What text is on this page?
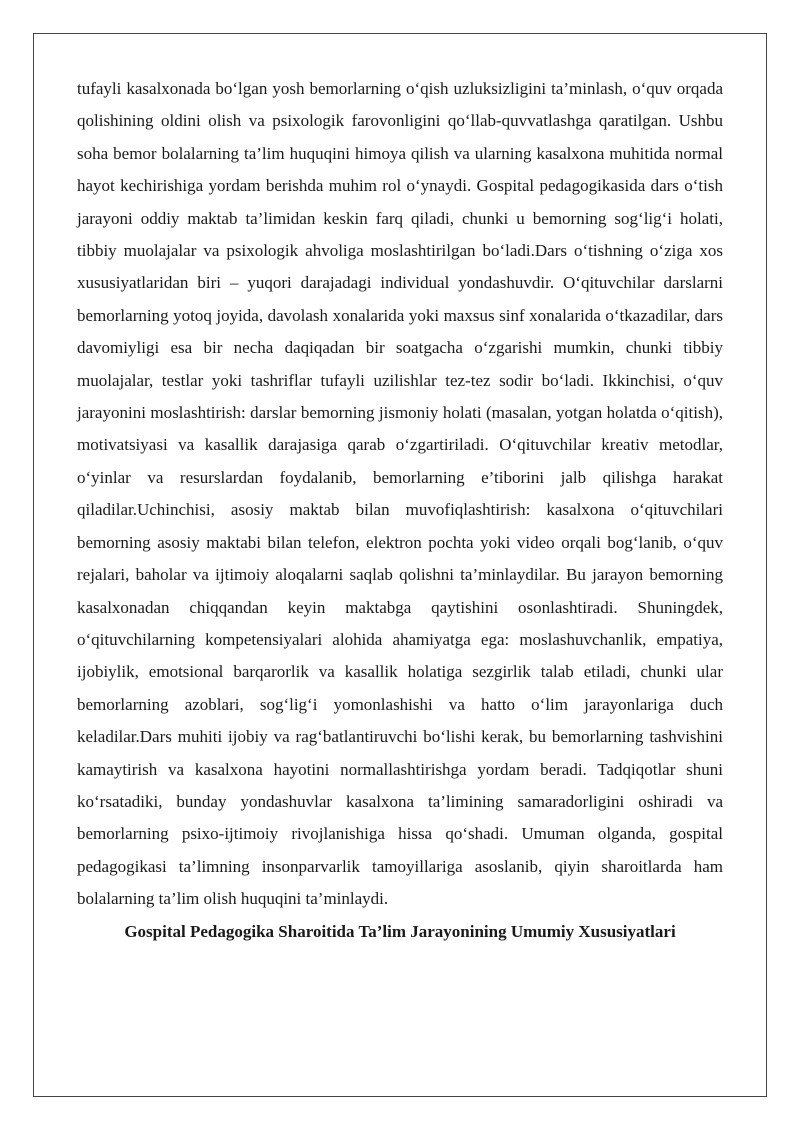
tufayli kasalxonada bo‘lgan yosh bemorlarning o‘qish uzluksizligini ta’minlash, o‘quv orqada qolishining oldini olish va psixologik farovonligini qo‘llab-quvvatlashga qaratilgan. Ushbu soha bemor bolalarning ta’lim huquqini himoya qilish va ularning kasalxona muhitida normal hayot kechirishiga yordam berishda muhim rol o‘ynaydi. Gospital pedagogikasida dars o‘tish jarayoni oddiy maktab ta’limidan keskin farq qiladi, chunki u bemorning sog‘lig‘i holati, tibbiy muolajalar va psixologik ahvoliga moslashtirilgan bo‘ladi.Dars o‘tishning o‘ziga xos xususiyatlaridan biri – yuqori darajadagi individual yondashuvdir. O‘qituvchilar darslarni bemorlarning yotoq joyida, davolash xonalarida yoki maxsus sinf xonalarida o‘tkazadilar, dars davomiyligi esa bir necha daqiqadan bir soatgacha o‘zgarishi mumkin, chunki tibbiy muolajalar, testlar yoki tashriflar tufayli uzilishlar tez-tez sodir bo‘ladi. Ikkinchisi, o‘quv jarayonini moslashtirish: darslar bemorning jismoniy holati (masalan, yotgan holatda o‘qitish), motivatsiyasi va kasallik darajasiga qarab o‘zgartiriladi. O‘qituvchilar kreativ metodlar, o‘yinlar va resurslardan foydalanib, bemorlarning e’tiborini jalb qilishga harakat qiladilar.Uchinchisi, asosiy maktab bilan muvofiqlashtirish: kasalxona o‘qituvchilari bemorning asosiy maktabi bilan telefon, elektron pochta yoki video orqali bog‘lanib, o‘quv rejalari, baholar va ijtimoiy aloqalarni saqlab qolishni ta’minlaydilar. Bu jarayon bemorning kasalxonadan chiqqandan keyin maktabga qaytishini osonlashtiradi. Shuningdek, o‘qituvchilarning kompetensiyalari alohida ahamiyatga ega: moslashuvchanlik, empatiya, ijobiylik, emotsional barqarorlik va kasallik holatiga sezgirlik talab etiladi, chunki ular bemorlarning azoblari, sog‘lig‘i yomonlashishi va hatto o‘lim jarayonlariga duch keladilar.Dars muhiti ijobiy va rag‘batlantiruvchi bo‘lishi kerak, bu bemorlarning tashvishini kamaytirish va kasalxona hayotini normallashtirishga yordam beradi. Tadqiqotlar shuni ko‘rsatadiki, bunday yondashuvlar kasalxona ta’limining samaradorligini oshiradi va bemorlarning psixo-ijtimoiy rivojlanishiga hissa qo‘shadi. Umuman olganda, gospital pedagogikasi ta’limning insonparvarlik tamoyillariga asoslanib, qiyin sharoitlarda ham bolalarning ta’lim olish huquqini ta’minlaydi.

Gospital Pedagogika Sharoitida Ta’lim Jarayonining Umumiy Xususiyatlari
